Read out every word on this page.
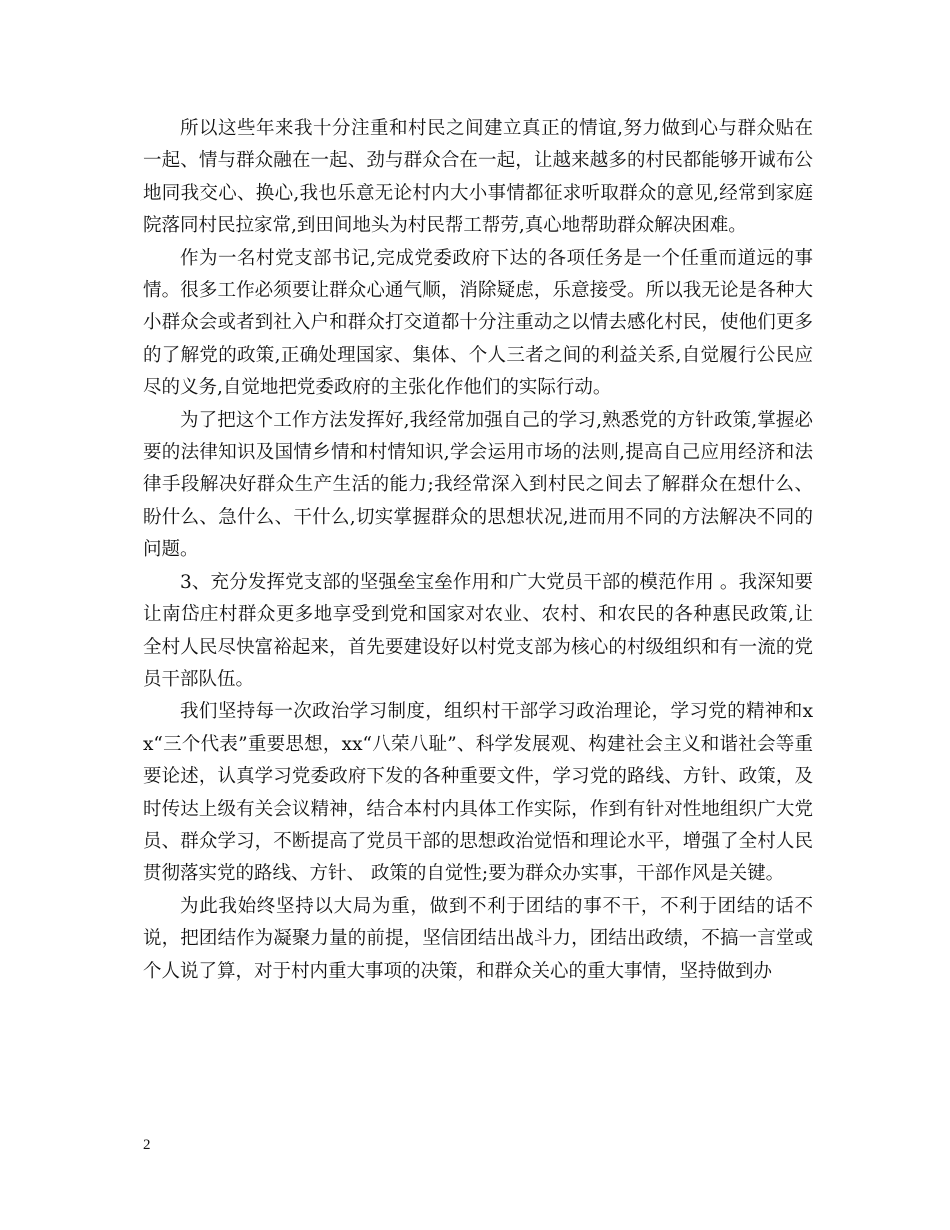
所以这些年来我十分注重和村民之间建立真正的情谊,努力做到心与群众贴在一起、情与群众融在一起、劲与群众合在一起，让越来越多的村民都能够开诚布公地同我交心、换心,我也乐意无论村内大小事情都征求听取群众的意见,经常到家庭院落同村民拉家常,到田间地头为村民帮工帮劳,真心地帮助群众解决困难。

作为一名村党支部书记,完成党委政府下达的各项任务是一个任重而道远的事情。很多工作必须要让群众心通气顺，消除疑虑，乐意接受。所以我无论是各种大小群众会或者到社入户和群众打交道都十分注重动之以情去感化村民，使他们更多的了解党的政策,正确处理国家、集体、个人三者之间的利益关系,自觉履行公民应尽的义务,自觉地把党委政府的主张化作他们的实际行动。

为了把这个工作方法发挥好,我经常加强自己的学习,熟悉党的方针政策,掌握必要的法律知识及国情乡情和村情知识,学会运用市场的法则,提高自己应用经济和法律手段解决好群众生产生活的能力;我经常深入到村民之间去了解群众在想什么、盼什么、急什么、干什么,切实掌握群众的思想状况,进而用不同的方法解决不同的问题。

3、充分发挥党支部的坚强垒宝垒作用和广大党员干部的模范作用 。我深知要让南岱庄村群众更多地享受到党和国家对农业、农村、和农民的各种惠民政策,让全村人民尽快富裕起来，首先要建设好以村党支部为核心的村级组织和有一流的党员干部队伍。

我们坚持每一次政治学习制度，组织村干部学习政治理论，学习党的精神和xx“三个代表”重要思想，xx“八荣八耻”、科学发展观、构建社会主义和谐社会等重要论述，认真学习党委政府下发的各种重要文件，学习党的路线、方针、政策，及时传达上级有关会议精神，结合本村内具体工作实际，作到有针对性地组织广大党员、群众学习，不断提高了党员干部的思想政治觉悟和理论水平，增强了全村人民贯彻落实党的路线、方针、 政策的自觉性;要为群众办实事，干部作风是关键。

为此我始终坚持以大局为重，做到不利于团结的事不干，不利于团结的话不说，把团结作为凝聚力量的前提，坚信团结出战斗力，团结出政绩，不搞一言堂或个人说了算，对于村内重大事项的决策，和群众关心的重大事情，坚持做到办

2
